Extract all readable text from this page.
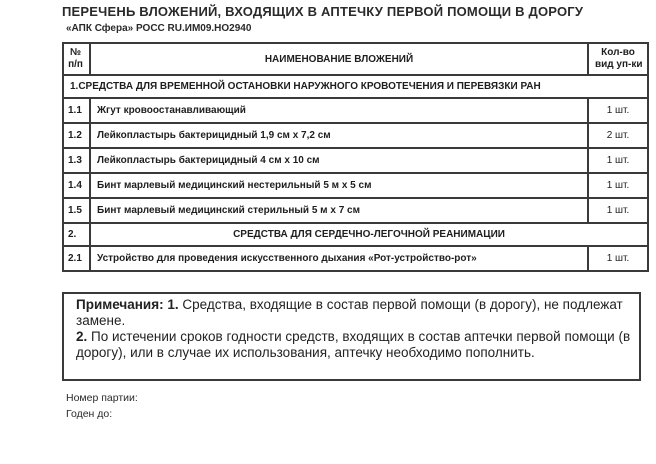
ПЕРЕЧЕНЬ ВЛОЖЕНИЙ, ВХОДЯЩИХ В АПТЕЧКУ ПЕРВОЙ ПОМОЩИ В ДОРОГУ
«АПК Сфера» РОСС RU.ИМ09.НО2940
№
п/п	НАИМЕНОВАНИЕ ВЛОЖЕНИЙ	Кол-во
вид уп-ки
1.СРЕДСТВА ДЛЯ ВРЕМЕННОЙ ОСТАНОВКИ НАРУЖНОГО КРОВОТЕЧЕНИЯ И ПЕРЕВЯЗКИ РАН		
1.1	Жгут кровоостанавливающий	1 шт.
1.2	Лейкопластырь бактерицидный 1,9 см х 7,2 см	2 шт.
1.3	Лейкопластырь бактерицидный 4 см х 10 см	1 шт.
1.4	Бинт марлевый медицинский нестерильный 5 м х 5 см	1 шт.
1.5	Бинт марлевый медицинский стерильный 5 м х 7 см	1 шт.
2.	СРЕДСТВА ДЛЯ СЕРДЕЧНО-ЛЕГОЧНОЙ РЕАНИМАЦИИ	
2.1	Устройство для проведения искусственного дыхания «Рот-устройство-рот»	1 шт.

Примечания: 1. Средства, входящие в состав первой помощи (в дорогу), не подлежат замене.

2. По истечении сроков годности средств, входящих в состав аптечки первой помощи (в дорогу), или в случае их использования, аптечку необходимо пополнить.

Номер партии:
Годен до:
